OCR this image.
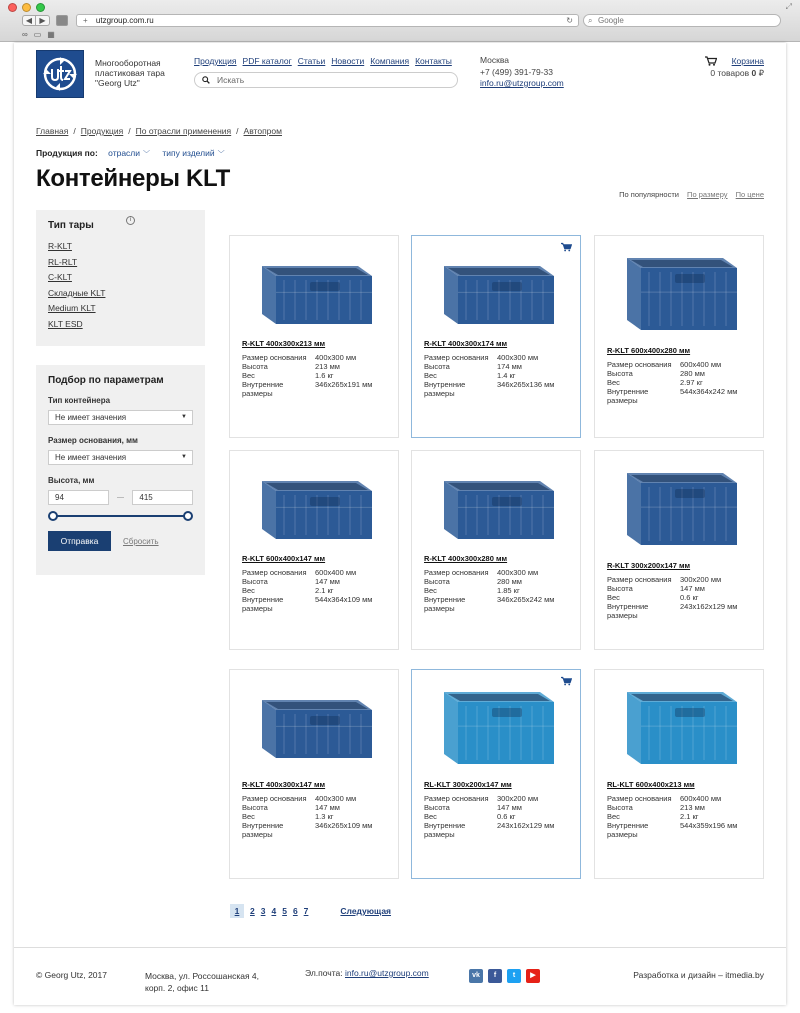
⤢
◀ ▶	+ utzgroup.com.ru	↻ ⌕ Google
∞ ▭ ▦
Многооборотная пластиковая тара "Georg Utz"
Продукция PDF каталог Статьи Новости Компания Контакты
Искать
Москва
+7 (499) 391-79-33
info.ru@utzgroup.com
Корзина
0 товаров 0 ₽
Главная / Продукция / По отрасли применения / Автопром
Продукция по: отрасли ﹀ типу изделий ﹀
Контейнеры KLT
По популярности По размеру По цене
Тип тары	i
R-KLT
RL-RLT
C-KLT
Складные KLT
Medium KLT
KLT ESD
Подбор по параметрам
Тип контейнера
Не имеет значения	▼
Размер основания, мм
Не имеет значения	▼
Высота, мм
94	415
Отправка	Сбросить
R-KLT 400x300x213 мм
Размер основания	400x300 мм
Высота	213 мм
Вес	1.6 кг
Внутренние размеры
346x265x191 мм
R-KLT 400x300x174 мм
Размер основания	400x300 мм
Высота	174 мм
Вес	1.4 кг
Внутренние размеры
346x265x136 мм
R-KLT 600x400x280 мм
Размер основания	600x400 мм
Высота	280 мм
Вес	2.97 кг
Внутренние размеры
544x364x242 мм
R-KLT 600x400x147 мм
Размер основания	600x400 мм
Высота	147 мм
Вес	2.1 кг
Внутренние размеры
544x364x109 мм
R-KLT 400x300x280 мм
Размер основания	400x300 мм
Высота	280 мм
Вес	1.85 кг
Внутренние размеры
346x265x242 мм
R-KLT 300x200x147 мм
Размер основания	300x200 мм
Высота	147 мм
Вес	0.6 кг
Внутренние размеры
243x162x129 мм
R-KLT 400x300x147 мм
Размер основания	400x300 мм
Высота	147 мм
Вес	1.3 кг
Внутренние размеры
346x265x109 мм
RL-KLT 300x200x147 мм
Размер основания	300x200 мм
Высота	147 мм
Вес	0.6 кг
Внутренние размеры
243x162x129 мм
RL-KLT 600x400x213 мм
Размер основания	600x400 мм
Высота	213 мм
Вес	2.1 кг
Внутренние размеры
544x359x196 мм
1	2 3 4 5 6 7	Следующая
© Georg Utz, 2017	Москва, ул. Россошанская 4,
корп. 2, офис 11
Эл.почта: info.ru@utzgroup.com	vk	f	t	▶	Разработка и дизайн – itmedia.by
